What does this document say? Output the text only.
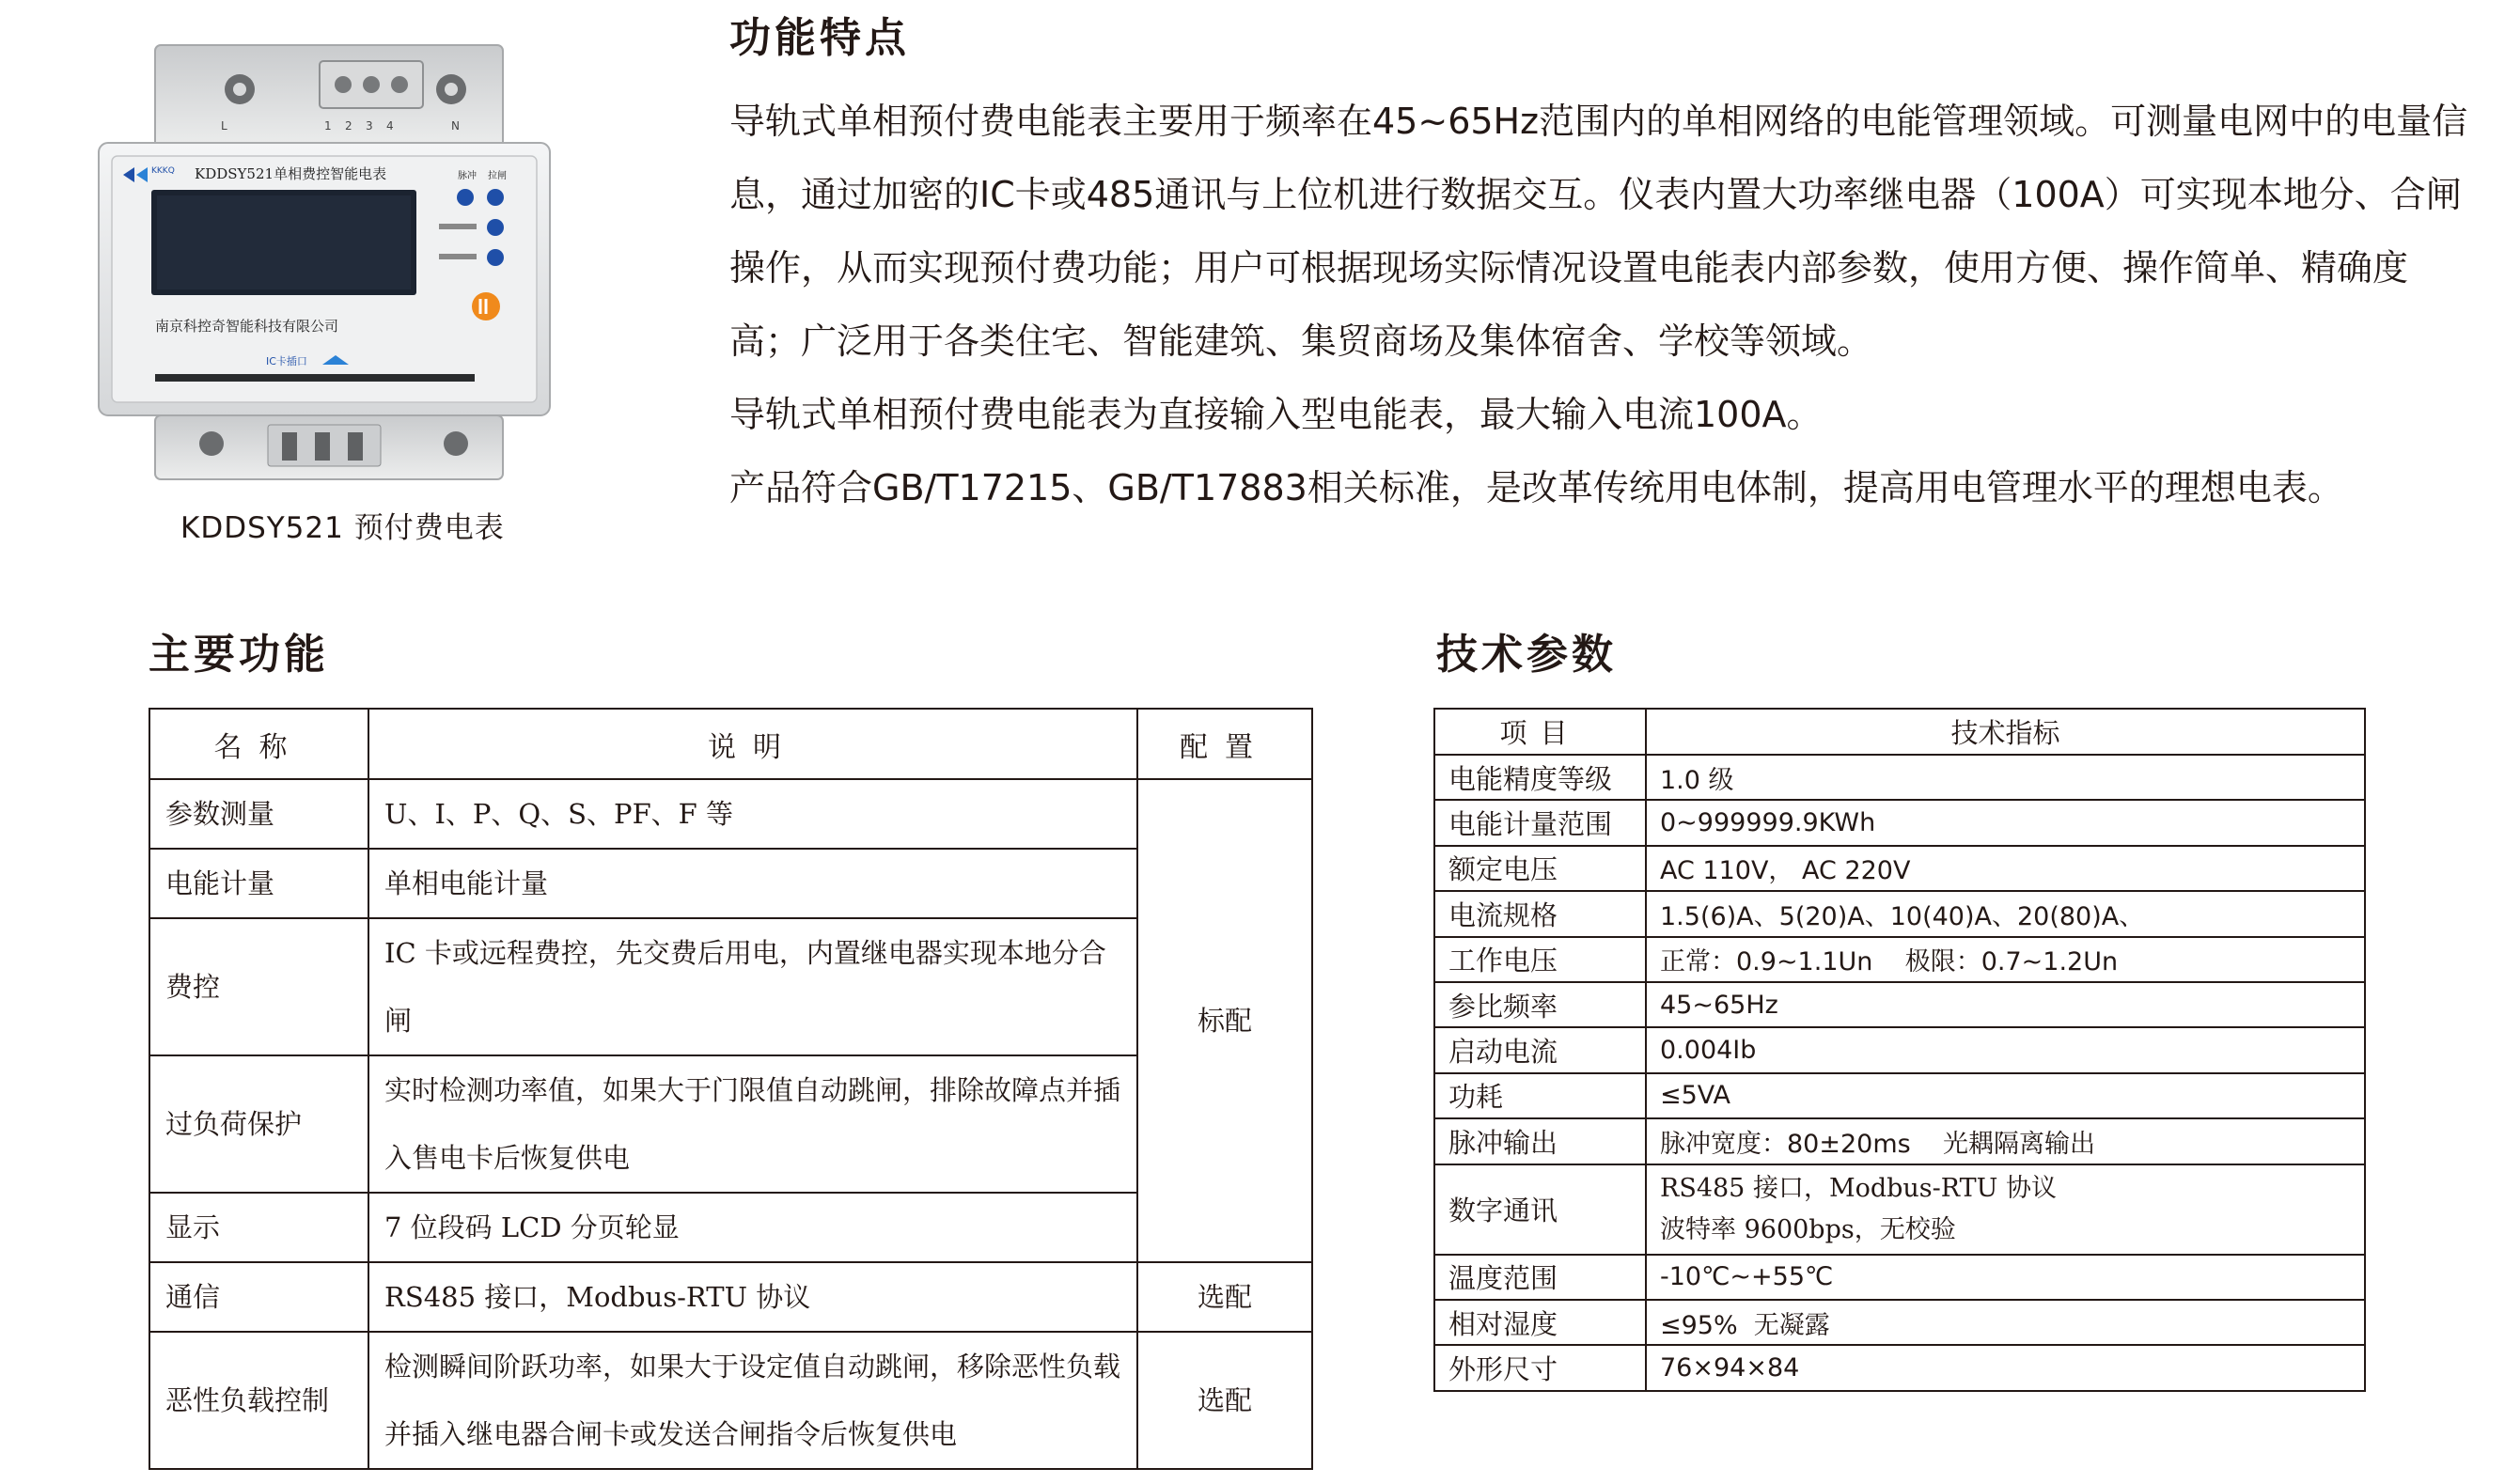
L	1 2 3 4	N
KKKQ KDDSY521单相费控智能电表	脉冲 拉闸
南京科控奇智能科技有限公司
IC卡插口
KDDSY521 预付费电表
功能特点

导轨式单相预付费电能表主要用于频率在45~65Hz范围内的单相网络的电能管理领域。可测量电网中的电量信息，通过加密的IC卡或485通讯与上位机进行数据交互。仪表内置大功率继电器（100A）可实现本地分、合闸操作，从而实现预付费功能；用户可根据现场实际情况设置电能表内部参数，使用方便、操作简单、精确度高；广泛用于各类住宅、智能建筑、集贸商场及集体宿舍、学校等领域。

导轨式单相预付费电能表为直接输入型电能表，最大输入电流100A。

产品符合GB/T17215、GB/T17883相关标准，是改革传统用电体制，提高用电管理水平的理想电表。

主要功能
名称	说明	配置
参数测量	U、I、P、Q、S、PF、F 等	标配
电能计量	单相电能计量	
费控	IC 卡或远程费控，先交费后用电，内置继电器实现本地分合闸	
过负荷保护	实时检测功率值，如果大于门限值自动跳闸，排除故障点并插入售电卡后恢复供电	
显示	7 位段码 LCD 分页轮显	
通信	RS485 接口，Modbus-RTU 协议	选配
恶性负载控制	检测瞬间阶跃功率，如果大于设定值自动跳闸，移除恶性负载并插入继电器合闸卡或发送合闸指令后恢复供电	选配
技术参数
项目	技术指标
电能精度等级	1.0 级
电能计量范围	0~999999.9KWh
额定电压	AC 110V， AC 220V
电流规格	1.5(6)A、5(20)A、10(40)A、20(80)A、
工作电压	正常：0.9~1.1Un    极限：0.7~1.2Un
参比频率	45~65Hz
启动电流	0.004Ib
功耗	≤5VA
脉冲输出	脉冲宽度：80±20ms    光耦隔离输出
数字通讯	RS485 接口，Modbus-RTU 协议
波特率 9600bps，无校验

温度范围	-10℃~+55℃
相对湿度	≤95%  无凝露
外形尺寸	76×94×84
